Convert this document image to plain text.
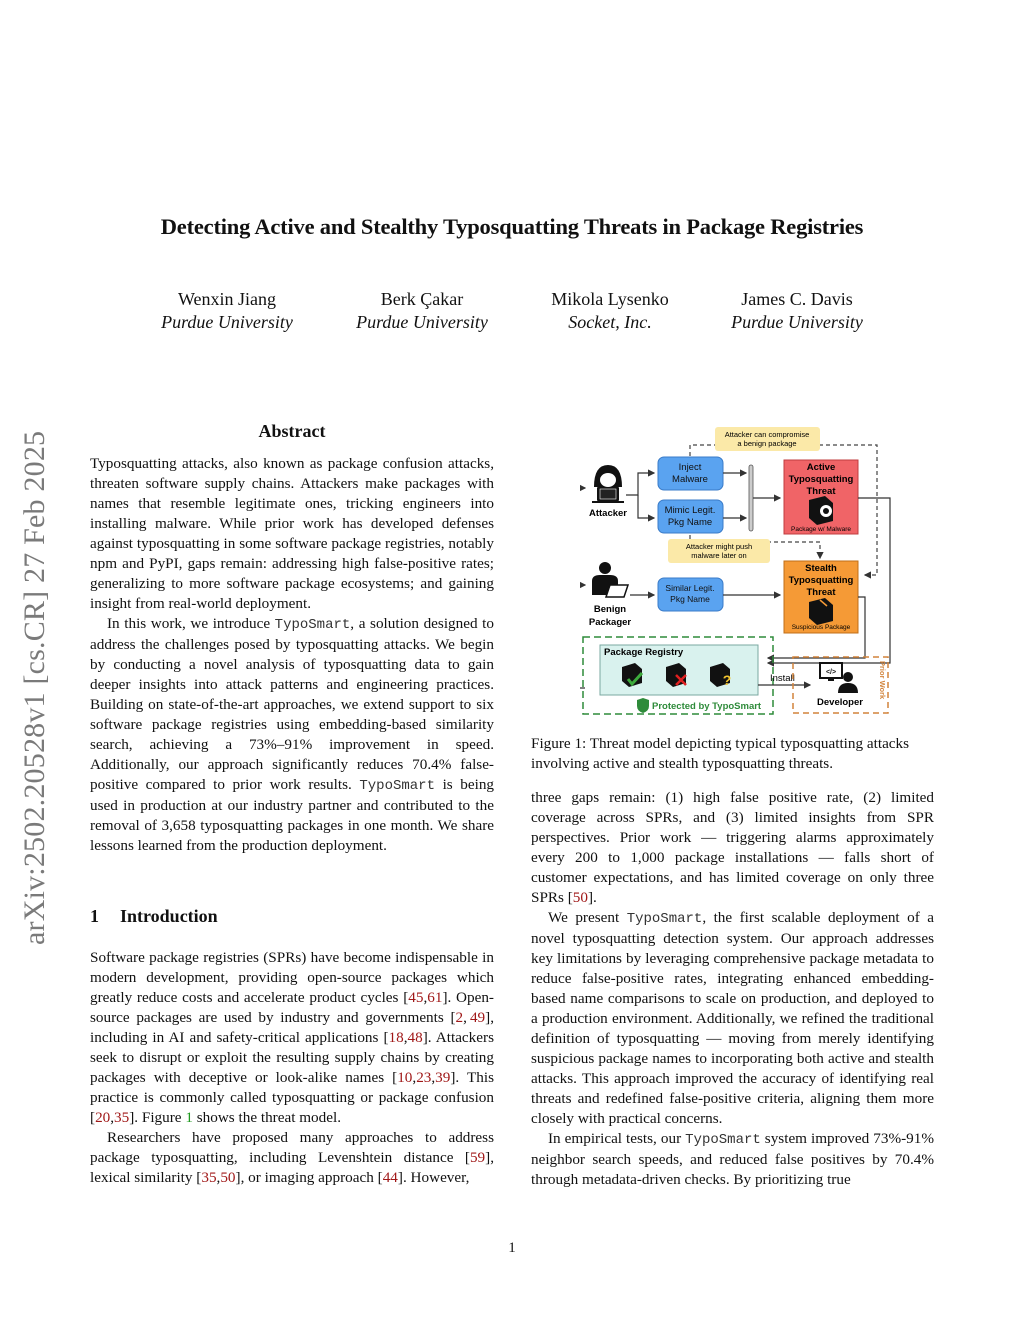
arXiv:2502.20528v1 [cs.CR] 27 Feb 2025
Detecting Active and Stealthy Typosquatting Threats in Package Registries
Wenxin Jiang
Purdue University
Berk Çakar
Purdue University
Mikola Lysenko
Socket, Inc.
James C. Davis
Purdue University
Abstract

Typosquatting attacks, also known as package confusion attacks, threaten software supply chains. Attackers make packages with names that resemble legitimate ones, tricking engineers into installing malware. While prior work has developed defenses against typosquatting in some software package registries, notably npm and PyPI, gaps remain: addressing high false-positive rates; generalizing to more software package ecosystems; and gaining insight from real-world deployment.

In this work, we introduce TypoSmart, a solution designed to address the challenges posed by typosquatting attacks. We begin by conducting a novel analysis of typosquatting data to gain deeper insights into attack patterns and engineering practices. Building on state-of-the-art approaches, we extend support to six software package registries using embedding-based similarity search, achieving a 73%–91% improvement in speed. Additionally, our approach significantly reduces 70.4% false-positive compared to prior work results. TypoSmart is being used in production at our industry partner and contributed to the removal of 3,658 typosquatting packages in one month. We share lessons learned from the production deployment.

1 Introduction

Software package registries (SPRs) have become indispensable in modern development, providing open-source packages which greatly reduce costs and accelerate product cycles [45,61]. Open-source packages are used by industry and governments [2, 49], including in AI and safety-critical applications [18,48]. Attackers seek to disrupt or exploit the resulting supply chains by creating packages with deceptive or look-alike names [10,23,39]. This practice is commonly called typosquatting or package confusion [20,35]. Figure 1 shows the threat model.

Researchers have proposed many approaches to address package typosquatting, including Levenshtein distance [59], lexical similarity [35,50], or imaging approach [44]. However,

Attacker can compromise
a benign package
Attacker
Inject
Malware
Mimic Legit.
Pkg Name
Active
Typosquatting
Threat
Package w/ Malware
Attacker might push
malware later on
Benign
Packager
Similar Legit.
Pkg Name
Stealth
Typosquatting
Threat
Suspicious Package
Package Registry
?
Protected by TypoSmart
Install
</>
Developer
Prior Work
Figure 1: Threat model depicting typical typosquatting attacks involving active and stealth typosquatting threats.

three gaps remain: (1) high false positive rate, (2) limited coverage across SPRs, and (3) limited insights from SPR perspectives. Prior work — triggering alarms approximately every 200 to 1,000 package installations — falls short of customer expectations, and has limited coverage on only three SPRs [50].

We present TypoSmart, the first scalable deployment of a novel typosquatting detection system. Our approach addresses key limitations by leveraging comprehensive package metadata to reduce false-positive rates, integrating enhanced embedding-based name comparisons to scale on production, and deployed to a production environment. Additionally, we refined the traditional definition of typosquatting — moving from merely identifying suspicious package names to incorporating both active and stealth attacks. This approach improved the accuracy of identifying real threats and redefined false-positive criteria, aligning them more closely with practical concerns.

In empirical tests, our TypoSmart system improved 73%-91% neighbor search speeds, and reduced false positives by 70.4% through metadata-driven checks. By prioritizing true

1
